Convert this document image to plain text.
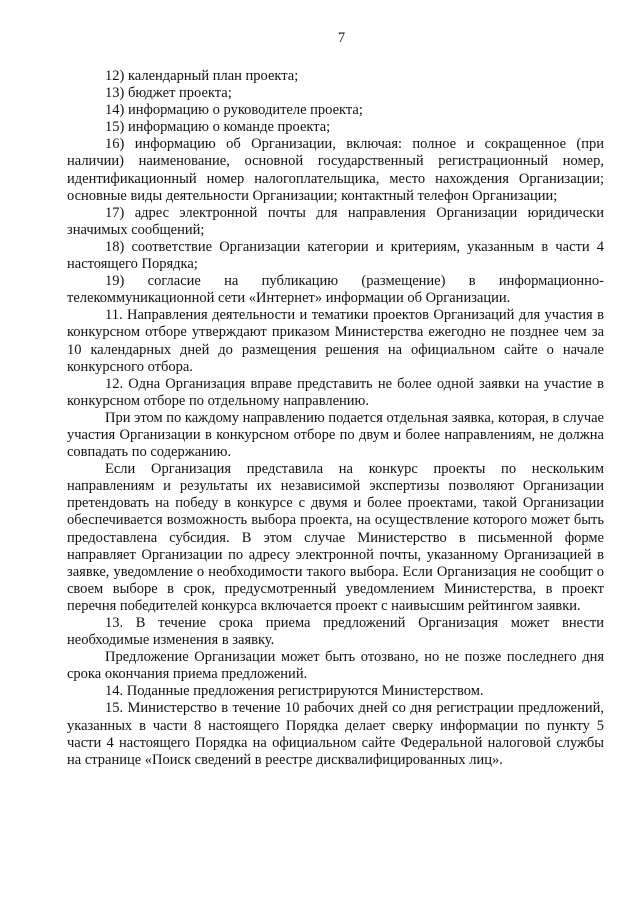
7

12) календарный план проекта;

13) бюджет проекта;

14) информацию о руководителе проекта;

15) информацию о команде проекта;

16) информацию об Организации, включая: полное и сокращенное (при наличии) наименование, основной государственный регистрационный номер, идентификационный номер налогоплательщика, место нахождения Организации; основные виды деятельности Организации; контактный телефон Организации;

17) адрес электронной почты для направления Организации юридически значимых сообщений;

18) соответствие Организации категории и критериям, указанным в части 4 настоящего Порядка;

19) согласие на публикацию (размещение) в информационно-телекоммуникационной сети «Интернет» информации об Организации.

11. Направления деятельности и тематики проектов Организаций для участия в конкурсном отборе утверждают приказом Министерства ежегодно не позднее чем за 10 календарных дней до размещения решения на официальном сайте о начале конкурсного отбора.

12. Одна Организация вправе представить не более одной заявки на участие в конкурсном отборе по отдельному направлению.

При этом по каждому направлению подается отдельная заявка, которая, в случае участия Организации в конкурсном отборе по двум и более направлениям, не должна совпадать по содержанию.

Если Организация представила на конкурс проекты по нескольким направлениям и результаты их независимой экспертизы позволяют Организации претендовать на победу в конкурсе с двумя и более проектами, такой Организации обеспечивается возможность выбора проекта, на осуществление которого может быть предоставлена субсидия. В этом случае Министерство в письменной форме направляет Организации по адресу электронной почты, указанному Организацией в заявке, уведомление о необходимости такого выбора. Если Организация не сообщит о своем выборе в срок, предусмотренный уведомлением Министерства, в проект перечня победителей конкурса включается проект с наивысшим рейтингом заявки.

13. В течение срока приема предложений Организация может внести необходимые изменения в заявку.

Предложение Организации может быть отозвано, но не позже последнего дня срока окончания приема предложений.

14. Поданные предложения регистрируются Министерством.

15. Министерство в течение 10 рабочих дней со дня регистрации предложений, указанных в части 8 настоящего Порядка делает сверку информации по пункту 5 части 4 настоящего Порядка на официальном сайте Федеральной налоговой службы на странице «Поиск сведений в реестре дисквалифицированных лиц».
